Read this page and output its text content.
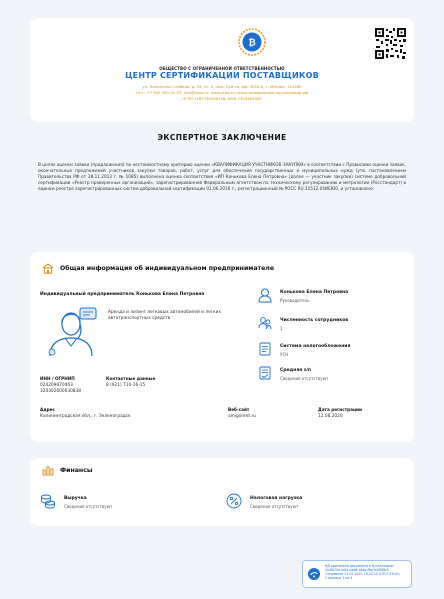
₿
ОБЩЕСТВО С ОГРАНИЧЕННОЙ ОТВЕТСТВЕННОСТЬЮ
ЦЕНТР СЕРТИФИКАЦИИ ПОСТАВЩИКОВ
ул. Ленинская Слобода, д. 19, эт. 3, пом. 21м тц. оф. 3054-ti, г. Москва, 115280
тел.: +7 800 350-31-37; info@vrpo.ru; www.vrpo.ru; www.проверенные-организации.рф
ОГРН 1167746396156; ИНН 7703409343
ЭКСПЕРТНОЕ ЗАКЛЮЧЕНИЕ
В целях оценки заявки (предложения) по нестоимостному критерию оценки «КВАЛИФИКАЦИЯ УЧАСТНИКОВ ЗАКУПКИ» в соответствии с Правилами оценки заявок, окончательных предложений участников закупки товаров, работ, услуг для обеспечения государственных и муниципальных нужд (утв. постановлением Правительства РФ от 28.11.2013 г. № 1085) выполнена оценка соответствия «ИП Конькова Елена Петровна» (далее — участник закупки) системе добровольной сертификации «Реестр проверенных организаций», зарегистрированной Федеральным агентством по техническому регулированию и метрологии (Росстандарт) в едином реестре зарегистрированных систем добровольной сертификации 01.06.2016 г., регистрационный № РОСС RU.З1512.04ИЕЮ0, и установлено:
Общая информация об индивидуальном предпринимателе
Индивидуальный предприниматель Конькова Елена Петровна
Аренда и лизинг легковых автомобилей и легких автотранспортных средств
ИНН / ОГРНИП
024209870463
320302600030838
Контактные данные
8 (921) 710-16-15
Адрес
Калининградская обл., г. Зеленоградск
Веб-сайт
amigorent.ru
Дата регистрации
12.08.2020
Конькова Елена Петровна
Руководитель
Численность сотрудников
1
Система налогообложения
УСН
Средняя з/п
Сведения отсутствуют
Финансы
Выручка
Сведения отсутствуют
Налоговая нагрузка
Сведения отсутствуют
ИД оригинала документа в Бухгалтерии
2a4fb70e-b0fa-4aa6-a6bc-f8a7e0f0f9c3
Отправлен 22.02.2021 10:22:10 (UTC+03:00)
Страница 1 из 4
